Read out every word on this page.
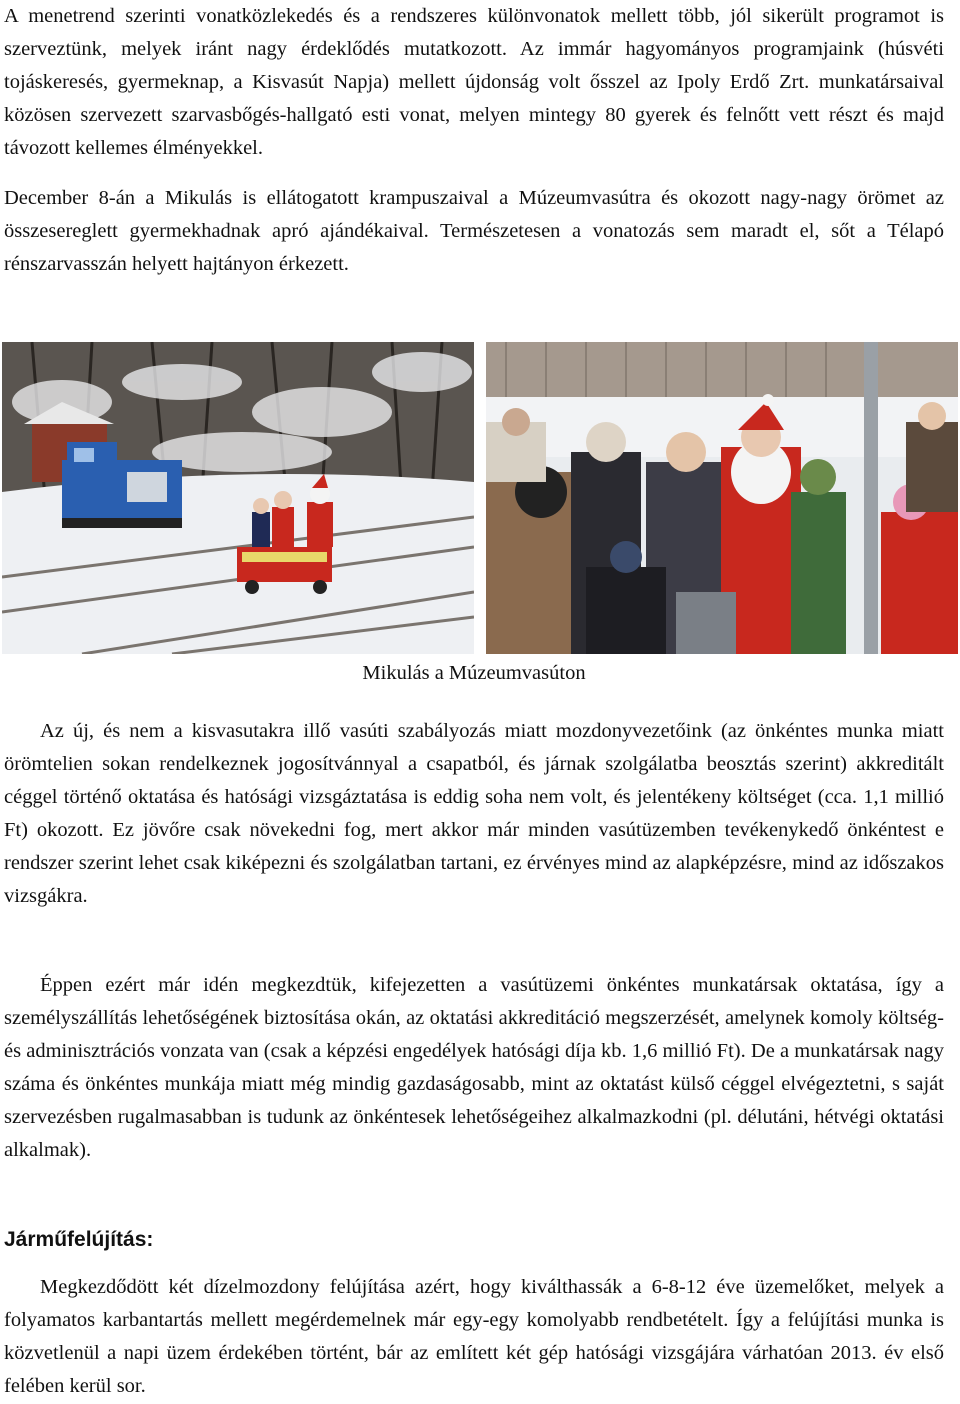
A menetrend szerinti vonatközlekedés és a rendszeres különvonatok mellett több, jól sikerült programot is szerveztünk, melyek iránt nagy érdeklődés mutatkozott. Az immár hagyományos programjaink (húsvéti tojáskeresés, gyermeknap, a Kisvasút Napja) mellett újdonság volt ősszel az Ipoly Erdő Zrt. munkatársaival közösen szervezett szarvasbőgés-hallgató esti vonat, melyen mintegy 80 gyerek és felnőtt vett részt és majd távozott kellemes élményekkel.

December 8-án a Mikulás is ellátogatott krampuszaival a Múzeumvasútra és okozott nagy-nagy örömet az összesereglett gyermekhadnak apró ajándékaival. Természetesen a vonatozás sem maradt el, sőt a Télapó rénszarvasszán helyett hajtányon érkezett.

Mikulás a Múzeumvasúton

Az új, és nem a kisvasutakra illő vasúti szabályozás miatt mozdonyvezetőink (az önkéntes munka miatt örömtelien sokan rendelkeznek jogosítvánnyal a csapatból, és járnak szolgálatba beosztás szerint) akkreditált céggel történő oktatása és hatósági vizsgáztatása is eddig soha nem volt, és jelentékeny költséget (cca. 1,1 millió Ft) okozott. Ez jövőre csak növekedni fog, mert akkor már minden vasútüzemben tevékenykedő önkéntest e rendszer szerint lehet csak kiképezni és szolgálatban tartani, ez érvényes mind az alapképzésre, mind az időszakos vizsgákra.

Éppen ezért már idén megkezdtük, kifejezetten a vasútüzemi önkéntes munkatársak oktatása, így a személyszállítás lehetőségének biztosítása okán, az oktatási akkreditáció megszerzését, amelynek komoly költség- és adminisztrációs vonzata van (csak a képzési engedélyek hatósági díja kb. 1,6 millió Ft). De a munkatársak nagy száma és önkéntes munkája miatt még mindig gazdaságosabb, mint az oktatást külső céggel elvégeztetni, s saját szervezésben rugalmasabban is tudunk az önkéntesek lehetőségeihez alkalmazkodni (pl. délutáni, hétvégi oktatási alkalmak).

Járműfelújítás:

Megkezdődött két dízelmozdony felújítása azért, hogy kiválthassák a 6-8-12 éve üzemelőket, melyek a folyamatos karbantartás mellett megérdemelnek már egy-egy komolyabb rendbetételt. Így a felújítási munka is közvetlenül a napi üzem érdekében történt, bár az említett két gép hatósági vizsgájára várhatóan 2013. év első felében kerül sor.
